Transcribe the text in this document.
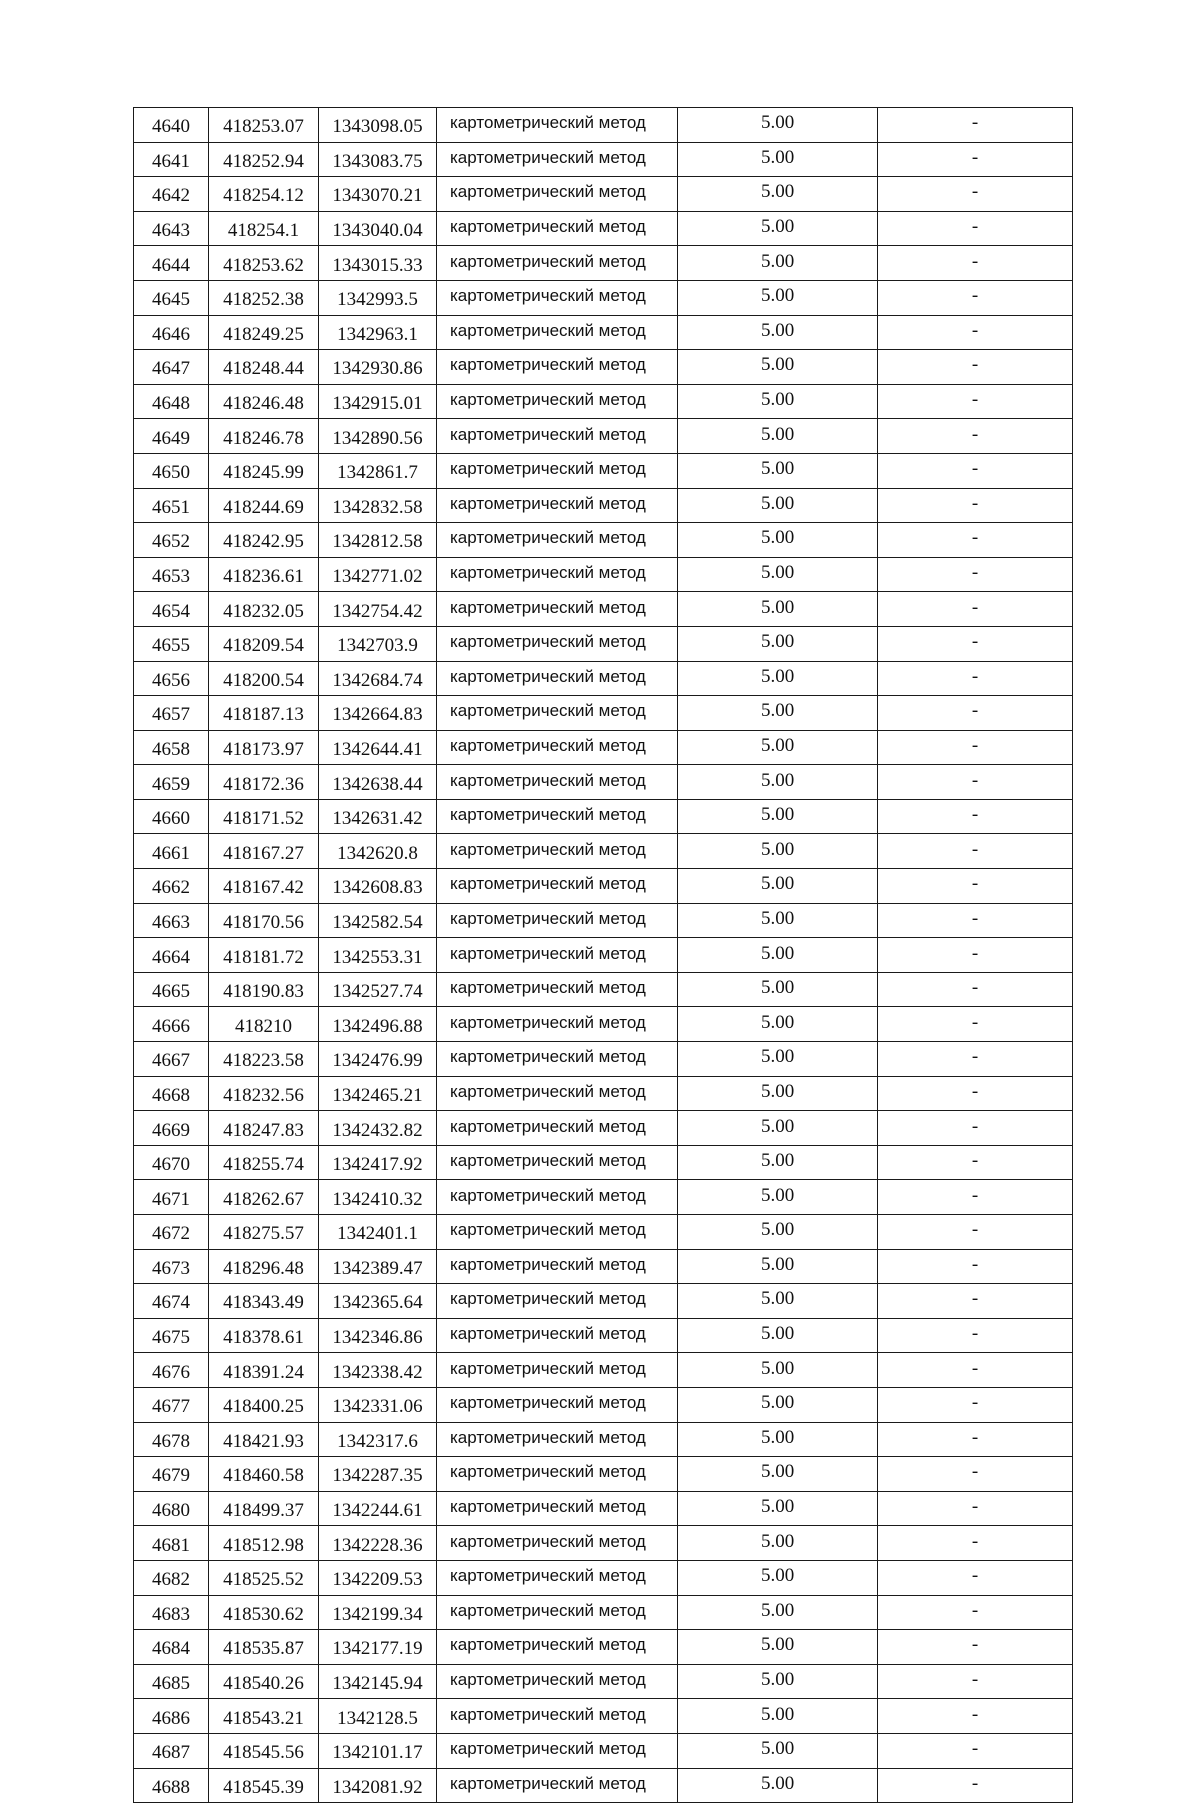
4640	418253.07	1343098.05	картометрический метод	5.00	-
4641	418252.94	1343083.75	картометрический метод	5.00	-
4642	418254.12	1343070.21	картометрический метод	5.00	-
4643	418254.1	1343040.04	картометрический метод	5.00	-
4644	418253.62	1343015.33	картометрический метод	5.00	-
4645	418252.38	1342993.5	картометрический метод	5.00	-
4646	418249.25	1342963.1	картометрический метод	5.00	-
4647	418248.44	1342930.86	картометрический метод	5.00	-
4648	418246.48	1342915.01	картометрический метод	5.00	-
4649	418246.78	1342890.56	картометрический метод	5.00	-
4650	418245.99	1342861.7	картометрический метод	5.00	-
4651	418244.69	1342832.58	картометрический метод	5.00	-
4652	418242.95	1342812.58	картометрический метод	5.00	-
4653	418236.61	1342771.02	картометрический метод	5.00	-
4654	418232.05	1342754.42	картометрический метод	5.00	-
4655	418209.54	1342703.9	картометрический метод	5.00	-
4656	418200.54	1342684.74	картометрический метод	5.00	-
4657	418187.13	1342664.83	картометрический метод	5.00	-
4658	418173.97	1342644.41	картометрический метод	5.00	-
4659	418172.36	1342638.44	картометрический метод	5.00	-
4660	418171.52	1342631.42	картометрический метод	5.00	-
4661	418167.27	1342620.8	картометрический метод	5.00	-
4662	418167.42	1342608.83	картометрический метод	5.00	-
4663	418170.56	1342582.54	картометрический метод	5.00	-
4664	418181.72	1342553.31	картометрический метод	5.00	-
4665	418190.83	1342527.74	картометрический метод	5.00	-
4666	418210	1342496.88	картометрический метод	5.00	-
4667	418223.58	1342476.99	картометрический метод	5.00	-
4668	418232.56	1342465.21	картометрический метод	5.00	-
4669	418247.83	1342432.82	картометрический метод	5.00	-
4670	418255.74	1342417.92	картометрический метод	5.00	-
4671	418262.67	1342410.32	картометрический метод	5.00	-
4672	418275.57	1342401.1	картометрический метод	5.00	-
4673	418296.48	1342389.47	картометрический метод	5.00	-
4674	418343.49	1342365.64	картометрический метод	5.00	-
4675	418378.61	1342346.86	картометрический метод	5.00	-
4676	418391.24	1342338.42	картометрический метод	5.00	-
4677	418400.25	1342331.06	картометрический метод	5.00	-
4678	418421.93	1342317.6	картометрический метод	5.00	-
4679	418460.58	1342287.35	картометрический метод	5.00	-
4680	418499.37	1342244.61	картометрический метод	5.00	-
4681	418512.98	1342228.36	картометрический метод	5.00	-
4682	418525.52	1342209.53	картометрический метод	5.00	-
4683	418530.62	1342199.34	картометрический метод	5.00	-
4684	418535.87	1342177.19	картометрический метод	5.00	-
4685	418540.26	1342145.94	картометрический метод	5.00	-
4686	418543.21	1342128.5	картометрический метод	5.00	-
4687	418545.56	1342101.17	картометрический метод	5.00	-
4688	418545.39	1342081.92	картометрический метод	5.00	-
